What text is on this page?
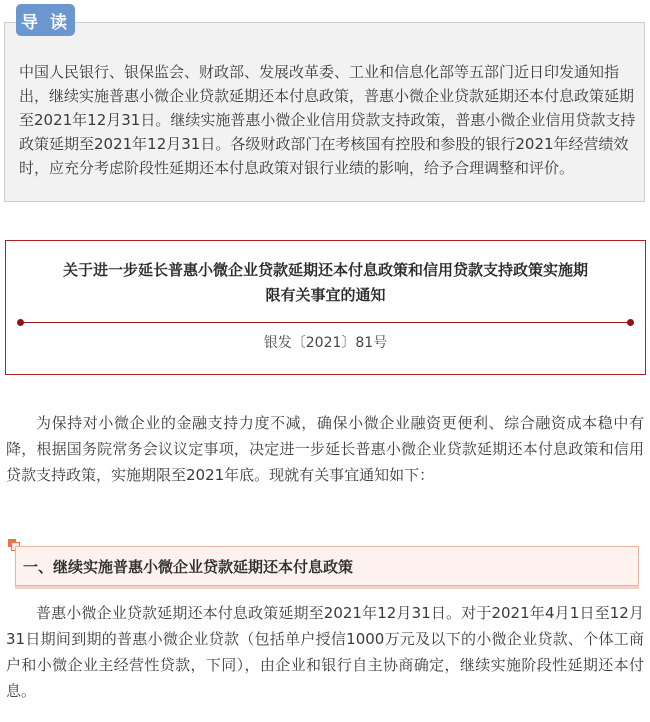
中国人民银行、银保监会、财政部、发展改革委、工业和信息化部等五部门近日印发通知指出，继续实施普惠小微企业贷款延期还本付息政策，普惠小微企业贷款延期还本付息政策延期至2021年12月31日。继续实施普惠小微企业信用贷款支持政策，普惠小微企业信用贷款支持政策延期至2021年12月31日。各级财政部门在考核国有控股和参股的银行2021年经营绩效时，应充分考虑阶段性延期还本付息政策对银行业绩的影响，给予合理调整和评价。
导 读
关于进一步延长普惠小微企业贷款延期还本付息政策和信用贷款支持政策实施期
限有关事宜的通知
银发〔2021〕81号

为保持对小微企业的金融支持力度不减，确保小微企业融资更便利、综合融资成本稳中有降，根据国务院常务会议议定事项，决定进一步延长普惠小微企业贷款延期还本付息政策和信用贷款支持政策，实施期限至2021年底。现就有关事宜通知如下：

一、继续实施普惠小微企业贷款延期还本付息政策

普惠小微企业贷款延期还本付息政策延期至2021年12月31日。对于2021年4月1日至12月31日期间到期的普惠小微企业贷款（包括单户授信1000万元及以下的小微企业贷款、个体工商户和小微企业主经营性贷款，下同），由企业和银行自主协商确定，继续实施阶段性延期还本付息。
